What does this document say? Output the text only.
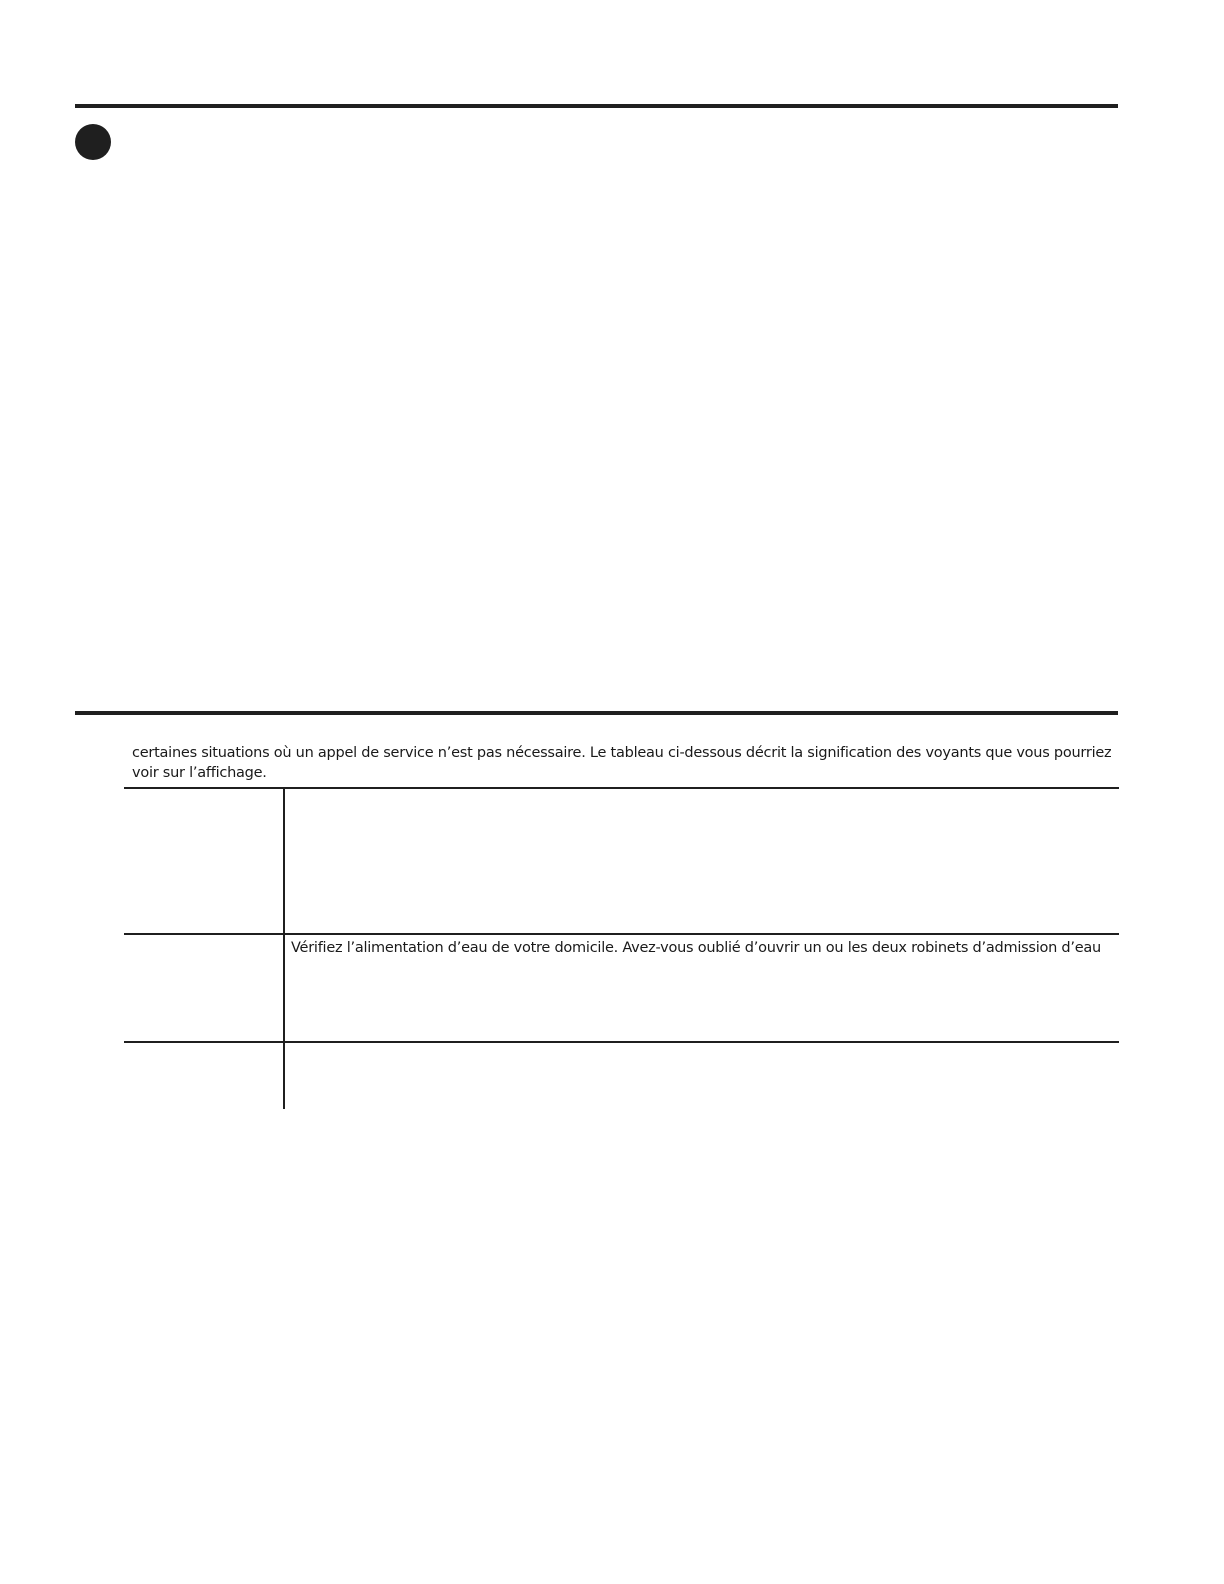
certaines situations où un appel de service n’est pas nécessaire. Le tableau ci-dessous décrit la signification des voyants que vous pourriez
voir sur l’affichage.
Vérifiez l’alimentation d’eau de votre domicile. Avez-vous oublié d’ouvrir un ou les deux robinets d’admission d’eau
